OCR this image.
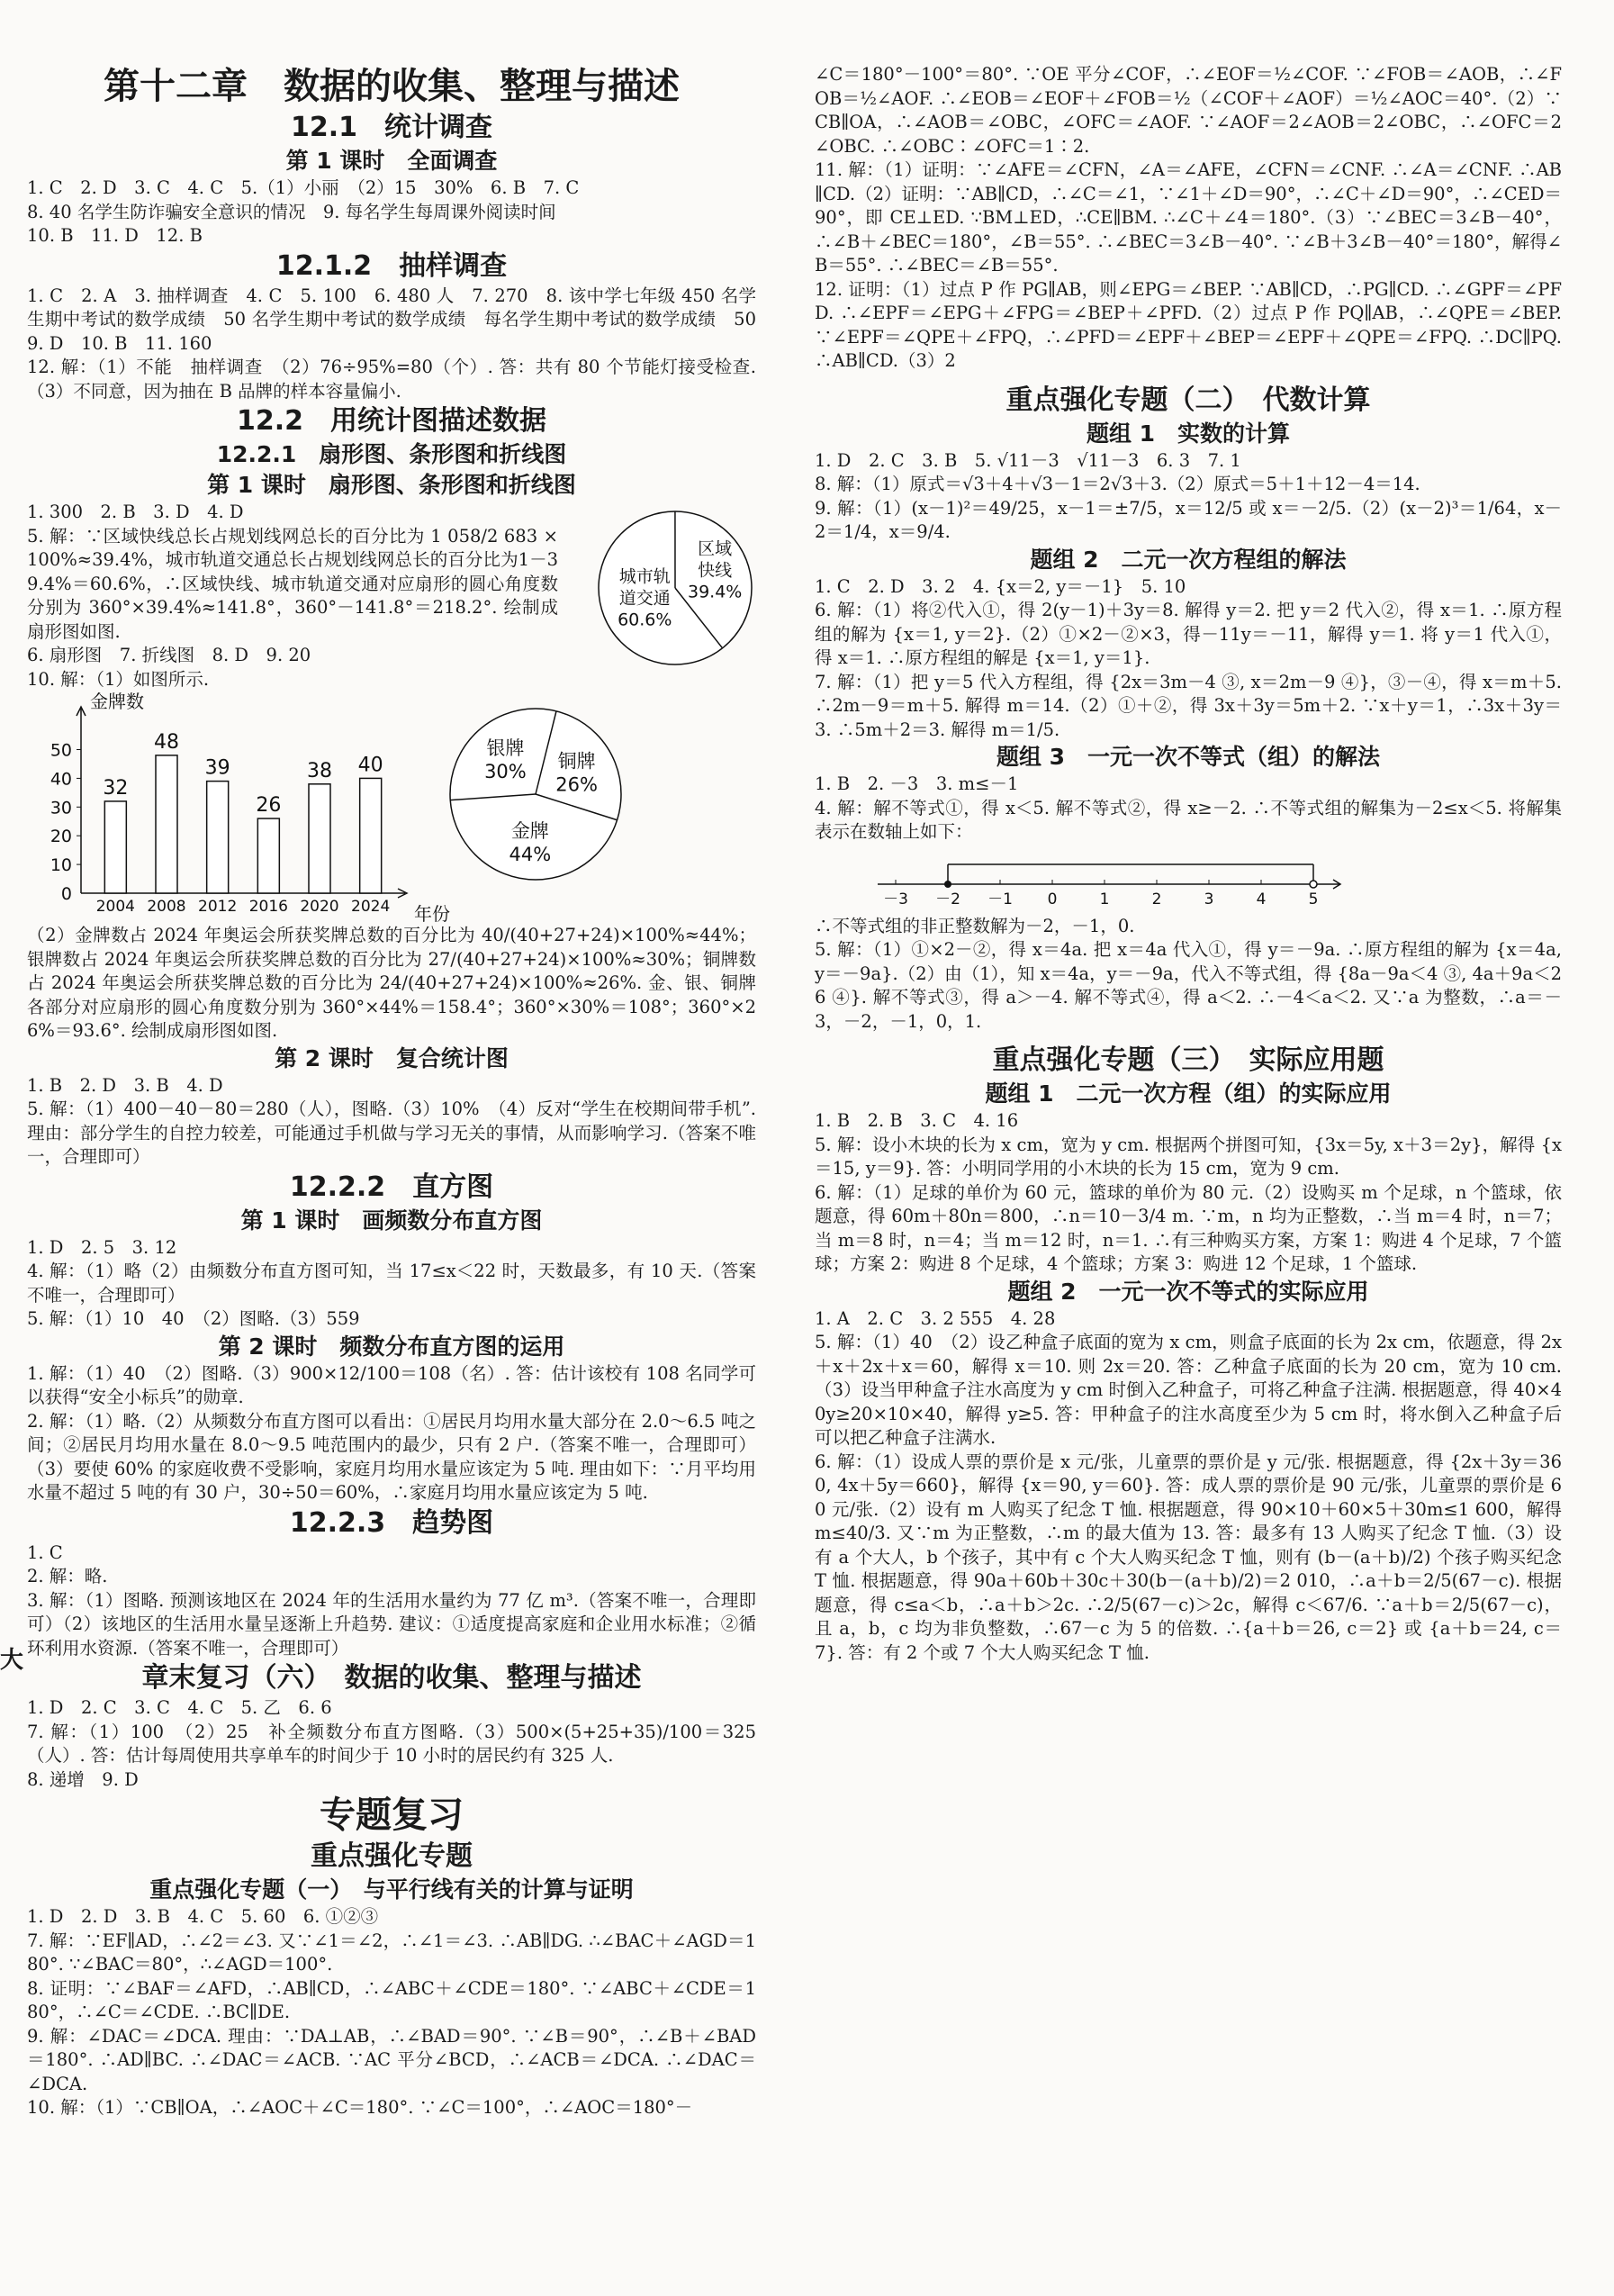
大
第十二章　数据的收集、整理与描述
12.1　统计调查
第 1 课时　全面调查

1. C　2. D　3. C　4. C　5.（1）小丽　（2）15　30%　6. B　7. C

8. 40 名学生防诈骗安全意识的情况　9. 每名学生每周课外阅读时间

10. B　11. D　12. B

12.1.2　抽样调查

1. C　2. A　3. 抽样调查　4. C　5. 100　6. 480 人　7. 270　8. 该中学七年级 450 名学生期中考试的数学成绩　50 名学生期中考试的数学成绩　每名学生期中考试的数学成绩　50　9. D　10. B　11. 160

12. 解：（1）不能　抽样调查　（2）76÷95%=80（个）. 答：共有 80 个节能灯接受检查.（3）不同意，因为抽在 B 品牌的样本容量偏小.

12.2　用统计图描述数据
12.2.1　扇形图、条形图和折线图
第 1 课时　扇形图、条形图和折线图

1. 300　2. B　3. D　4. D

5. 解：∵区域快线总长占规划线网总长的百分比为 1 058/2 683 ×100%≈39.4%，城市轨道交通总长占规划线网总长的百分比为1－39.4%＝60.6%，∴区域快线、城市轨道交通对应扇形的圆心角度数分别为 360°×39.4%≈141.8°，360°－141.8°＝218.2°. 绘制成扇形图如图.

城市轨
道交通
60.6%
区域
快线
39.4%

6. 扇形图　7. 折线图　8. D　9. 20

10. 解：（1）如图所示.

金牌数
年份
0
10
20
30
40
50
32
2004
48
2008
39
2012
26
2016
38
2020
40
2024
铜牌
26%
金牌
44%
银牌
30%

（2）金牌数占 2024 年奥运会所获奖牌总数的百分比为 40/(40+27+24)×100%≈44%；银牌数占 2024 年奥运会所获奖牌总数的百分比为 27/(40+27+24)×100%≈30%；铜牌数占 2024 年奥运会所获奖牌总数的百分比为 24/(40+27+24)×100%≈26%. 金、银、铜牌各部分对应扇形的圆心角度数分别为 360°×44%＝158.4°；360°×30%＝108°；360°×26%＝93.6°. 绘制成扇形图如图.

第 2 课时　复合统计图

1. B　2. D　3. B　4. D

5. 解：（1）400－40－80＝280（人），图略.（3）10%　（4）反对“学生在校期间带手机”. 理由：部分学生的自控力较差，可能通过手机做与学习无关的事情，从而影响学习.（答案不唯一，合理即可）

12.2.2　直方图
第 1 课时　画频数分布直方图

1. D　2. 5　3. 12

4. 解：（1）略（2）由频数分布直方图可知，当 17≤x＜22 时，天数最多，有 10 天.（答案不唯一，合理即可）

5. 解：（1）10　40　（2）图略.（3）559

第 2 课时　频数分布直方图的运用

1. 解：（1）40　（2）图略.（3）900×12/100＝108（名）. 答：估计该校有 108 名同学可以获得“安全小标兵”的勋章.

2. 解：（1）略.（2）从频数分布直方图可以看出：①居民月均用水量大部分在 2.0～6.5 吨之间；②居民月均用水量在 8.0～9.5 吨范围内的最少，只有 2 户.（答案不唯一，合理即可）（3）要使 60% 的家庭收费不受影响，家庭月均用水量应该定为 5 吨. 理由如下：∵月平均用水量不超过 5 吨的有 30 户，30÷50＝60%，∴家庭月均用水量应该定为 5 吨.

12.2.3　趋势图

1. C

2. 解：略.

3. 解：（1）图略. 预测该地区在 2024 年的生活用水量约为 77 亿 m³.（答案不唯一，合理即可）（2）该地区的生活用水量呈逐渐上升趋势. 建议：①适度提高家庭和企业用水标准；②循环利用水资源.（答案不唯一，合理即可）

章末复习（六）　数据的收集、整理与描述

1. D　2. C　3. C　4. C　5. 乙　6. 6

7. 解：（1）100　（2）25　补全频数分布直方图略.（3）500×(5+25+35)/100＝325（人）. 答：估计每周使用共享单车的时间少于 10 小时的居民约有 325 人.

8. 递增　9. D

专题复习
重点强化专题
重点强化专题（一）　与平行线有关的计算与证明

1. D　2. D　3. B　4. C　5. 60　6. ①②③

7. 解：∵EF∥AD，∴∠2＝∠3. 又∵∠1＝∠2，∴∠1＝∠3. ∴AB∥DG. ∴∠BAC＋∠AGD＝180°. ∵∠BAC＝80°，∴∠AGD＝100°.

8. 证明：∵∠BAF＝∠AFD，∴AB∥CD，∴∠ABC＋∠CDE＝180°. ∵∠ABC＋∠CDE＝180°，∴∠C＝∠CDE. ∴BC∥DE.

9. 解：∠DAC＝∠DCA. 理由：∵DA⊥AB，∴∠BAD＝90°. ∵∠B＝90°，∴∠B＋∠BAD＝180°. ∴AD∥BC. ∴∠DAC＝∠ACB. ∵AC 平分∠BCD，∴∠ACB＝∠DCA. ∴∠DAC＝∠DCA.

10. 解：（1）∵CB∥OA，∴∠AOC＋∠C＝180°. ∵∠C＝100°，∴∠AOC＝180°－

∠C＝180°－100°＝80°. ∵OE 平分∠COF，∴∠EOF＝½∠COF. ∵∠FOB＝∠AOB，∴∠FOB＝½∠AOF. ∴∠EOB＝∠EOF＋∠FOB＝½（∠COF＋∠AOF）＝½∠AOC＝40°.（2）∵CB∥OA，∴∠AOB＝∠OBC，∠OFC＝∠AOF. ∵∠AOF＝2∠AOB＝2∠OBC，∴∠OFC＝2∠OBC. ∴∠OBC∶∠OFC＝1∶2.

11. 解：（1）证明：∵∠AFE＝∠CFN，∠A＝∠AFE，∠CFN＝∠CNF. ∴∠A＝∠CNF. ∴AB∥CD.（2）证明：∵AB∥CD，∴∠C＝∠1，∵∠1＋∠D＝90°，∴∠C＋∠D＝90°，∴∠CED＝90°，即 CE⊥ED. ∵BM⊥ED，∴CE∥BM. ∴∠C＋∠4＝180°.（3）∵∠BEC＝3∠B－40°，∴∠B＋∠BEC＝180°，∠B＝55°. ∴∠BEC＝3∠B－40°. ∵∠B＋3∠B－40°＝180°，解得∠B＝55°. ∴∠BEC＝∠B＝55°.

12. 证明：（1）过点 P 作 PG∥AB，则∠EPG＝∠BEP. ∵AB∥CD，∴PG∥CD. ∴∠GPF＝∠PFD. ∴∠EPF＝∠EPG＋∠FPG＝∠BEP＋∠PFD.（2）过点 P 作 PQ∥AB，∴∠QPE＝∠BEP. ∵∠EPF＝∠QPE＋∠FPQ，∴∠PFD＝∠EPF＋∠BEP＝∠EPF＋∠QPE＝∠FPQ. ∴DC∥PQ. ∴AB∥CD.（3）2

重点强化专题（二）　代数计算
题组 1　实数的计算

1. D　2. C　3. B　5. √11－3　√11－3　6. 3　7. 1

8. 解：（1）原式＝√3＋4＋√3－1＝2√3＋3.（2）原式＝5＋1＋12－4＝14.

9. 解：（1）(x－1)²＝49/25，x－1＝±7/5，x＝12/5 或 x＝－2/5.（2）(x－2)³＝1/64，x－2＝1/4，x＝9/4.

题组 2　二元一次方程组的解法

1. C　2. D　3. 2　4. {x＝2, y＝－1}　5. 10

6. 解：（1）将②代入①，得 2(y－1)＋3y＝8. 解得 y＝2. 把 y＝2 代入②，得 x＝1. ∴原方程组的解为 {x＝1, y＝2}.（2）①×2－②×3，得－11y＝－11，解得 y＝1. 将 y＝1 代入①，得 x＝1. ∴原方程组的解是 {x＝1, y＝1}.

7. 解：（1）把 y＝5 代入方程组，得 {2x＝3m－4 ③, x＝2m－9 ④}，③－④，得 x＝m＋5. ∴2m－9＝m＋5. 解得 m＝14.（2）①＋②，得 3x＋3y＝5m＋2. ∵x＋y＝1，∴3x＋3y＝3. ∴5m＋2＝3. 解得 m＝1/5.

题组 3　一元一次不等式（组）的解法

1. B　2. －3　3. m≤－1

4. 解：解不等式①，得 x＜5. 解不等式②，得 x≥－2. ∴不等式组的解集为－2≤x＜5. 将解集表示在数轴上如下：

－3 －2 －1 0	1	2	3	4	5

∴不等式组的非正整数解为－2，－1，0.

5. 解：（1）①×2－②，得 x＝4a. 把 x＝4a 代入①，得 y＝－9a. ∴原方程组的解为 {x＝4a, y＝－9a}.（2）由（1），知 x＝4a，y＝－9a，代入不等式组，得 {8a－9a＜4 ③, 4a＋9a＜26 ④}. 解不等式③，得 a＞－4. 解不等式④，得 a＜2. ∴－4＜a＜2. 又∵a 为整数，∴a＝－3，－2，－1，0，1.

重点强化专题（三）　实际应用题
题组 1　二元一次方程（组）的实际应用

1. B　2. B　3. C　4. 16

5. 解：设小木块的长为 x cm，宽为 y cm. 根据两个拼图可知，{3x＝5y, x＋3＝2y}，解得 {x＝15, y＝9}. 答：小明同学用的小木块的长为 15 cm，宽为 9 cm.

6. 解：（1）足球的单价为 60 元，篮球的单价为 80 元.（2）设购买 m 个足球，n 个篮球，依题意，得 60m＋80n＝800，∴n＝10－3/4 m. ∵m，n 均为正整数，∴当 m＝4 时，n＝7；当 m＝8 时，n＝4；当 m＝12 时，n＝1. ∴有三种购买方案，方案 1：购进 4 个足球，7 个篮球；方案 2：购进 8 个足球，4 个篮球；方案 3：购进 12 个足球，1 个篮球.

题组 2　一元一次不等式的实际应用

1. A　2. C　3. 2 555　4. 28

5. 解：（1）40　（2）设乙种盒子底面的宽为 x cm，则盒子底面的长为 2x cm，依题意，得 2x＋x＋2x＋x＝60，解得 x＝10. 则 2x＝20. 答：乙种盒子底面的长为 20 cm，宽为 10 cm.（3）设当甲种盒子注水高度为 y cm 时倒入乙种盒子，可将乙种盒子注满. 根据题意，得 40×40y≥20×10×40，解得 y≥5. 答：甲种盒子的注水高度至少为 5 cm 时，将水倒入乙种盒子后可以把乙种盒子注满水.

6. 解：（1）设成人票的票价是 x 元/张，儿童票的票价是 y 元/张. 根据题意，得 {2x＋3y＝360, 4x＋5y＝660}，解得 {x＝90, y＝60}. 答：成人票的票价是 90 元/张，儿童票的票价是 60 元/张.（2）设有 m 人购买了纪念 T 恤. 根据题意，得 90×10＋60×5＋30m≤1 600，解得 m≤40/3. 又∵m 为正整数，∴m 的最大值为 13. 答：最多有 13 人购买了纪念 T 恤.（3）设有 a 个大人，b 个孩子，其中有 c 个大人购买纪念 T 恤，则有 (b－(a＋b)/2) 个孩子购买纪念 T 恤. 根据题意，得 90a＋60b＋30c＋30(b－(a＋b)/2)＝2 010，∴a＋b＝2/5(67－c). 根据题意，得 c≤a＜b，∴a＋b＞2c. ∴2/5(67－c)＞2c，解得 c＜67/6. ∵a＋b＝2/5(67－c)，且 a，b，c 均为非负整数，∴67－c 为 5 的倍数. ∴{a＋b＝26, c＝2} 或 {a＋b＝24, c＝7}. 答：有 2 个或 7 个大人购买纪念 T 恤.
